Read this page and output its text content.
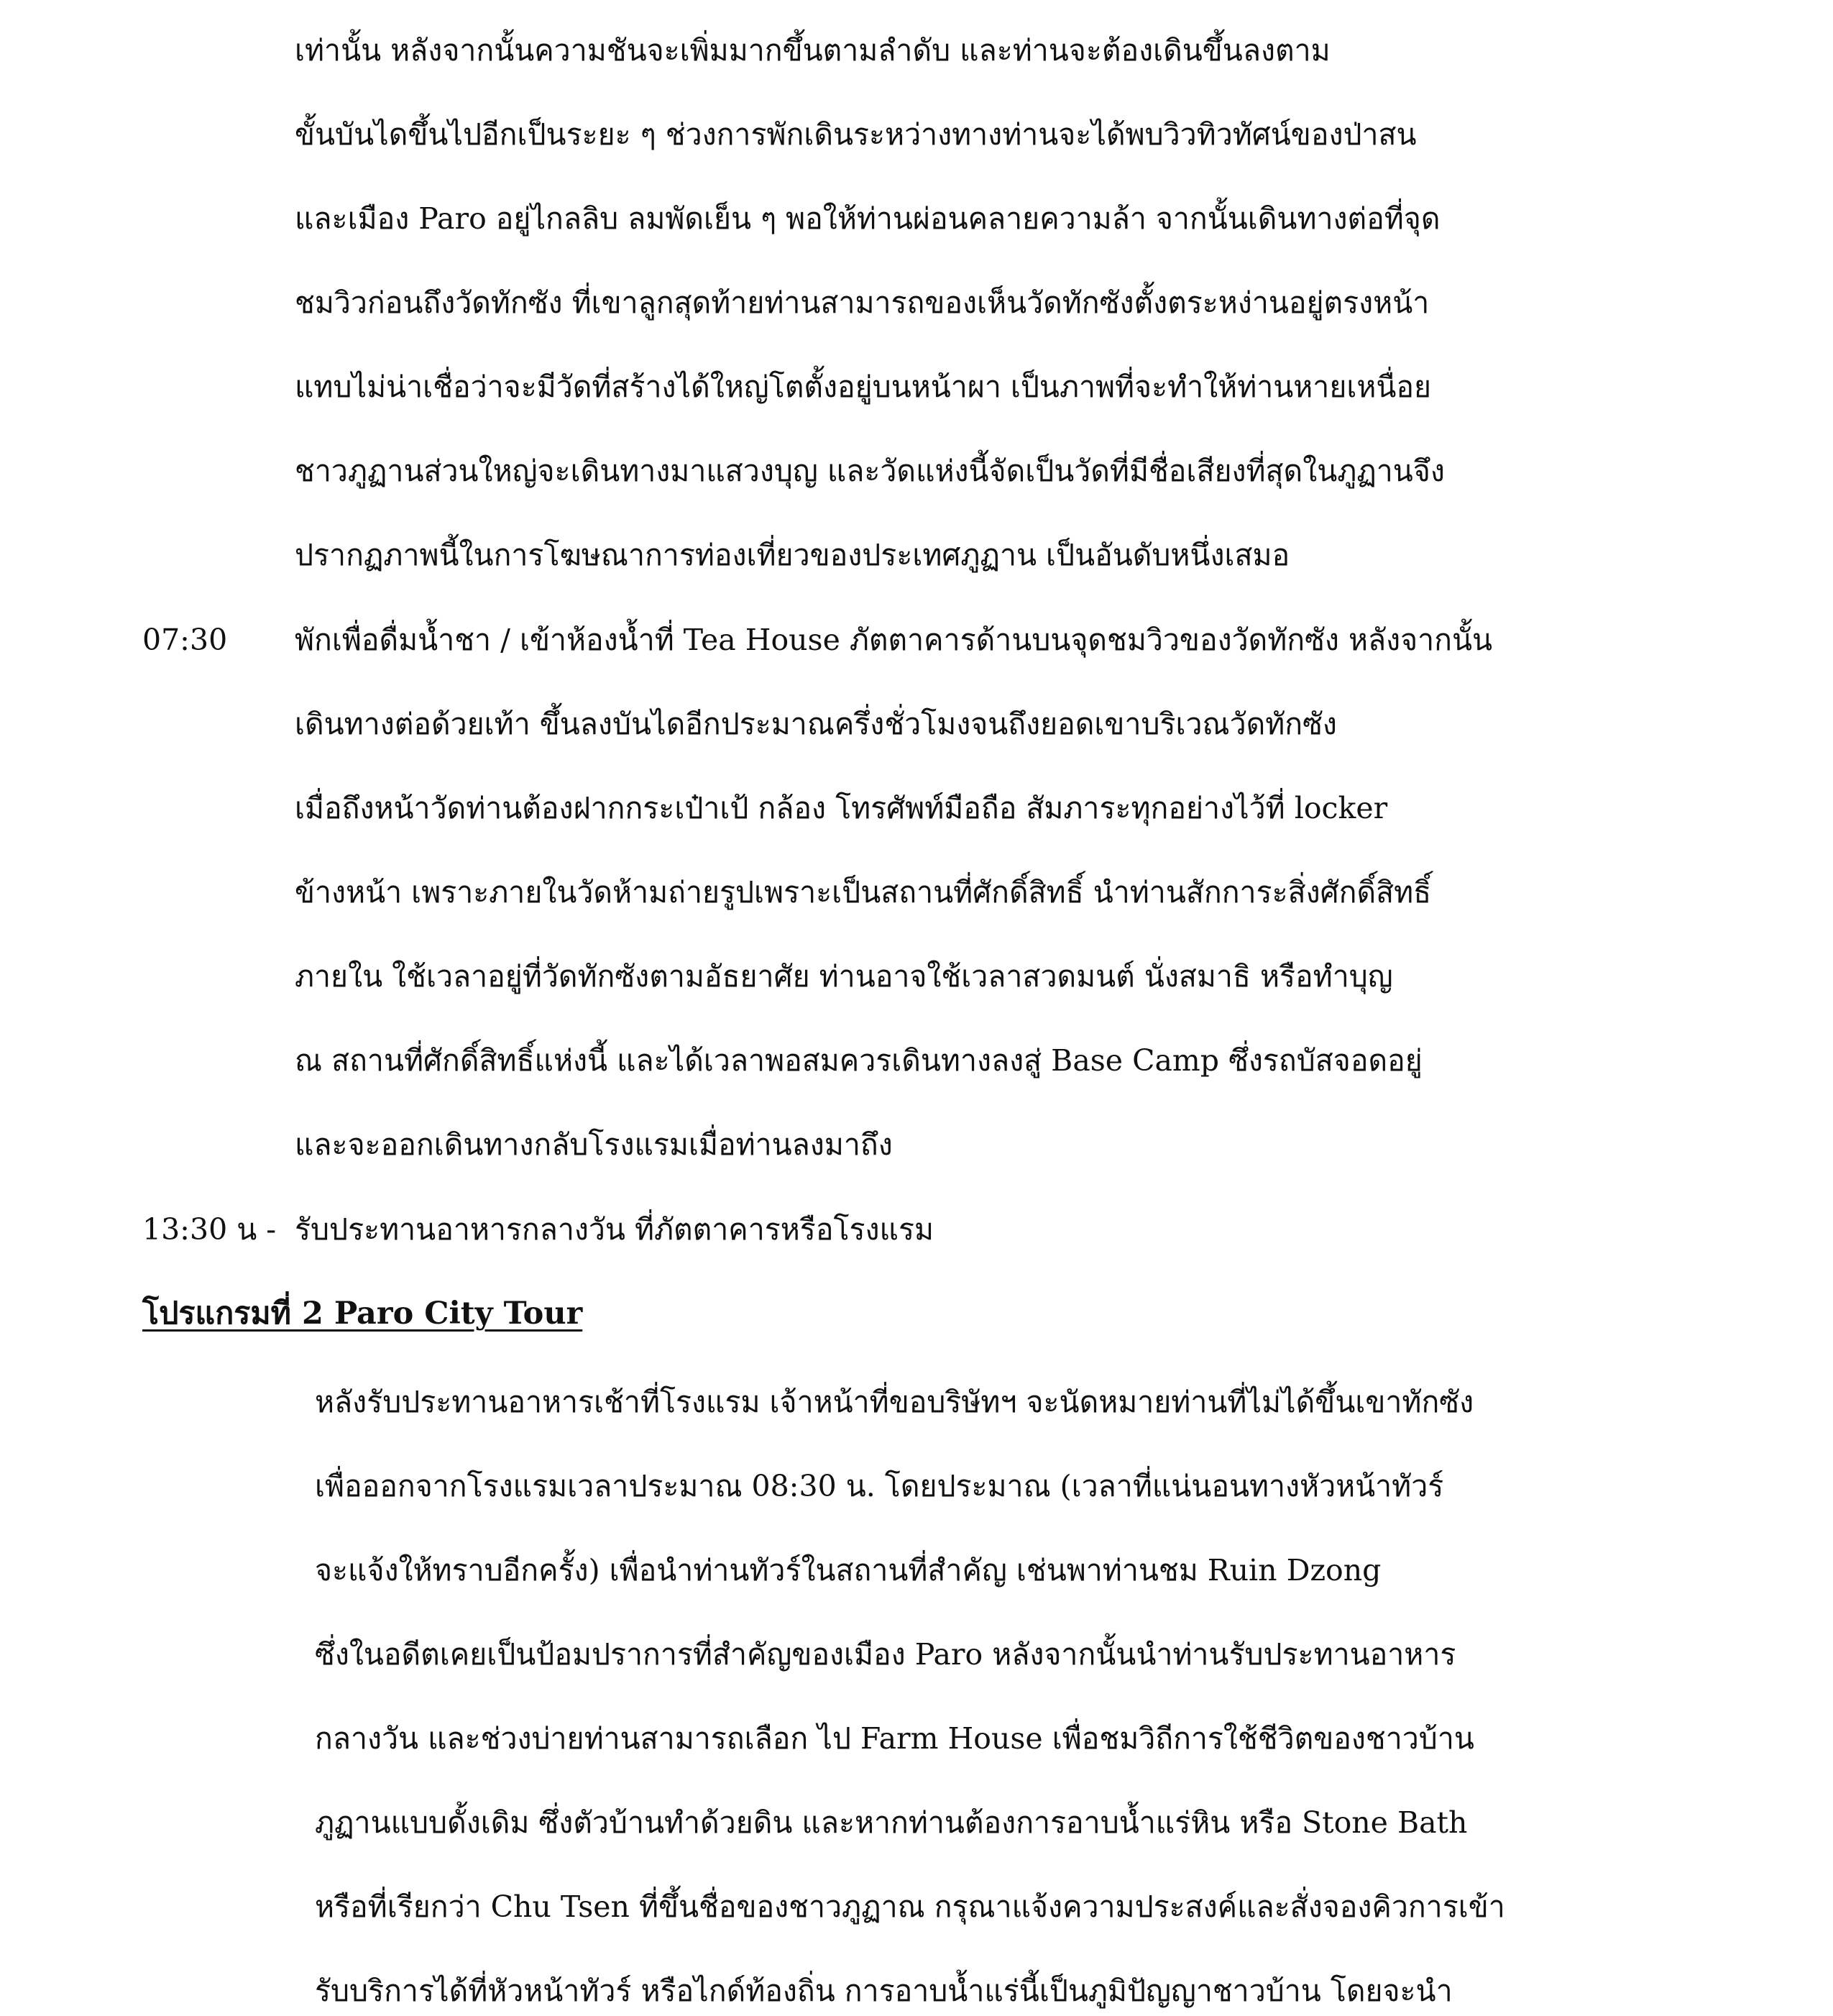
เท่านั้น หลังจากนั้นความชันจะเพิ่มมากขึ้นตามลำดับ และท่านจะต้องเดินขึ้นลงตาม
ขั้นบันไดขึ้นไปอีกเป็นระยะ ๆ ช่วงการพักเดินระหว่างทางท่านจะได้พบวิวทิวทัศน์ของป่าสน
และเมือง Paro อยู่ไกลลิบ ลมพัดเย็น ๆ พอให้ท่านผ่อนคลายความล้า จากนั้นเดินทางต่อที่จุด
ชมวิวก่อนถึงวัดทักซัง ที่เขาลูกสุดท้ายท่านสามารถของเห็นวัดทักซังตั้งตระหง่านอยู่ตรงหน้า
แทบไม่น่าเชื่อว่าจะมีวัดที่สร้างได้ใหญ่โตตั้งอยู่บนหน้าผา เป็นภาพที่จะทำให้ท่านหายเหนื่อย
ชาวภูฏานส่วนใหญ่จะเดินทางมาแสวงบุญ และวัดแห่งนี้จัดเป็นวัดที่มีชื่อเสียงที่สุดในภูฏานจึง
ปรากฏภาพนี้ในการโฆษณาการท่องเที่ยวของประเทศภูฏาน เป็นอันดับหนึ่งเสมอ
07:30 พักเพื่อดื่มน้ำชา / เข้าห้องน้ำที่ Tea House ภัตตาคารด้านบนจุดชมวิวของวัดทักซัง หลังจากนั้น
เดินทางต่อด้วยเท้า ขึ้นลงบันไดอีกประมาณครึ่งชั่วโมงจนถึงยอดเขาบริเวณวัดทักซัง
เมื่อถึงหน้าวัดท่านต้องฝากกระเป๋าเป้ กล้อง โทรศัพท์มือถือ สัมภาระทุกอย่างไว้ที่ locker
ข้างหน้า เพราะภายในวัดห้ามถ่ายรูปเพราะเป็นสถานที่ศักดิ์สิทธิ์ นำท่านสักการะสิ่งศักดิ์สิทธิ์
ภายใน ใช้เวลาอยู่ที่วัดทักซังตามอัธยาศัย ท่านอาจใช้เวลาสวดมนต์ นั่งสมาธิ หรือทำบุญ
ณ สถานที่ศักดิ์สิทธิ์แห่งนี้ และได้เวลาพอสมควรเดินทางลงสู่ Base Camp ซึ่งรถบัสจอดอยู่
และจะออกเดินทางกลับโรงแรมเมื่อท่านลงมาถึง
13:30 น - รับประทานอาหารกลางวัน ที่ภัตตาคารหรือโรงแรม
โปรแกรมที่ 2 Paro City Tour
หลังรับประทานอาหารเช้าที่โรงแรม เจ้าหน้าที่ขอบริษัทฯ จะนัดหมายท่านที่ไม่ได้ขึ้นเขาทักซัง
เพื่อออกจากโรงแรมเวลาประมาณ 08:30 น. โดยประมาณ (เวลาที่แน่นอนทางหัวหน้าทัวร์
จะแจ้งให้ทราบอีกครั้ง) เพื่อนำท่านทัวร์ในสถานที่สำคัญ เช่นพาท่านชม Ruin Dzong
ซึ่งในอดีตเคยเป็นป้อมปราการที่สำคัญของเมือง Paro หลังจากนั้นนำท่านรับประทานอาหาร
กลางวัน และช่วงบ่ายท่านสามารถเลือก ไป Farm House เพื่อชมวิถีการใช้ชีวิตของชาวบ้าน
ภูฏานแบบดั้งเดิม ซึ่งตัวบ้านทำด้วยดิน และหากท่านต้องการอาบน้ำแร่หิน หรือ Stone Bath
หรือที่เรียกว่า Chu Tsen ที่ขึ้นชื่อของชาวภูฏาณ กรุณาแจ้งความประสงค์และสั่งจองคิวการเข้า
รับบริการได้ที่หัวหน้าทัวร์ หรือไกด์ท้องถิ่น การอาบน้ำแร่นี้เป็นภูมิปัญญาชาวบ้าน โดยจะนำ
